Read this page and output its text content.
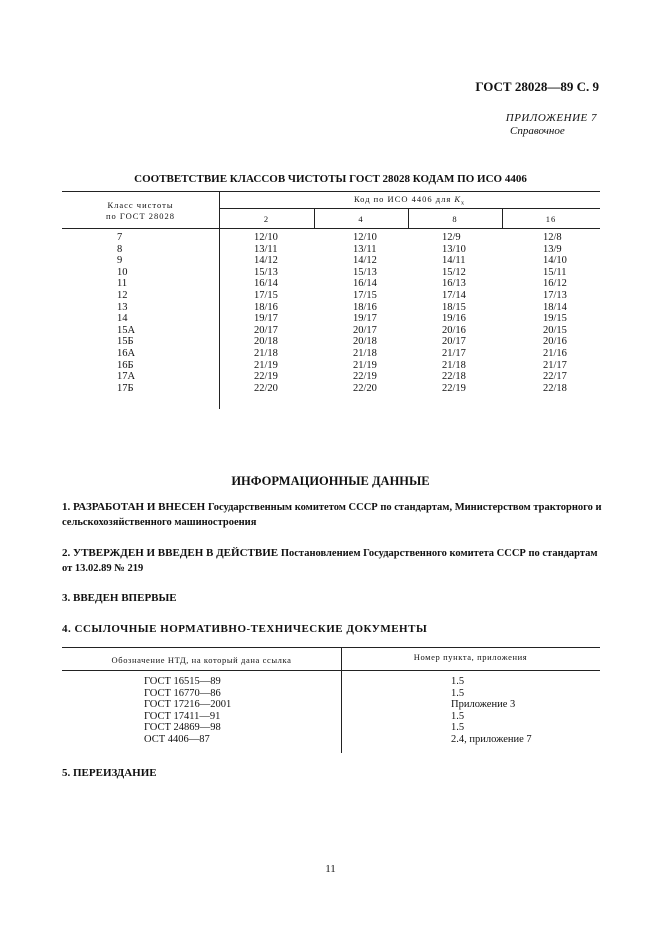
ГОСТ 28028—89 С. 9
ПРИЛОЖЕНИЕ 7
Справочное
СООТВЕТСТВИЕ КЛАССОВ ЧИСТОТЫ ГОСТ 28028 КОДАМ ПО ИСО 4406
Класс чистоты
по ГОСТ 28028
Код по ИСО 4406 для $K_x$
2	4	8	16
7	12/10	12/10	12/9	12/8
8	13/11	13/11	13/10	13/9
9	14/12	14/12	14/11	14/10
10	15/13	15/13	15/12	15/11
11	16/14	16/14	16/13	16/12
12	17/15	17/15	17/14	17/13
13	18/16	18/16	18/15	18/14
14	19/17	19/17	19/16	19/15
15А	20/17	20/17	20/16	20/15
15Б	20/18	20/18	20/17	20/16
16А	21/18	21/18	21/17	21/16
16Б	21/19	21/19	21/18	21/17
17А	22/19	22/19	22/18	22/17
17Б	22/20	22/20	22/19	22/18
ИНФОРМАЦИОННЫЕ ДАННЫЕ
1. РАЗРАБОТАН И ВНЕСЕН Государственным комитетом СССР по стандартам, Министерством тракторного и сельскохозяйственного машиностроения
2. УТВЕРЖДЕН И ВВЕДЕН В ДЕЙСТВИЕ Постановлением Государственного комитета СССР по стандартам от 13.02.89 № 219
3. ВВЕДЕН ВПЕРВЫЕ
4. ССЫЛОЧНЫЕ НОРМАТИВНО-ТЕХНИЧЕСКИЕ ДОКУМЕНТЫ
Обозначение НТД, на который дана ссылка	Номер пункта, приложения
ГОСТ 16515—89	1.5
ГОСТ 16770—86	1.5
ГОСТ 17216—2001	Приложение 3
ГОСТ 17411—91	1.5
ГОСТ 24869—98	1.5
ОСТ 4406—87	2.4, приложение 7
5. ПЕРЕИЗДАНИЕ
11
